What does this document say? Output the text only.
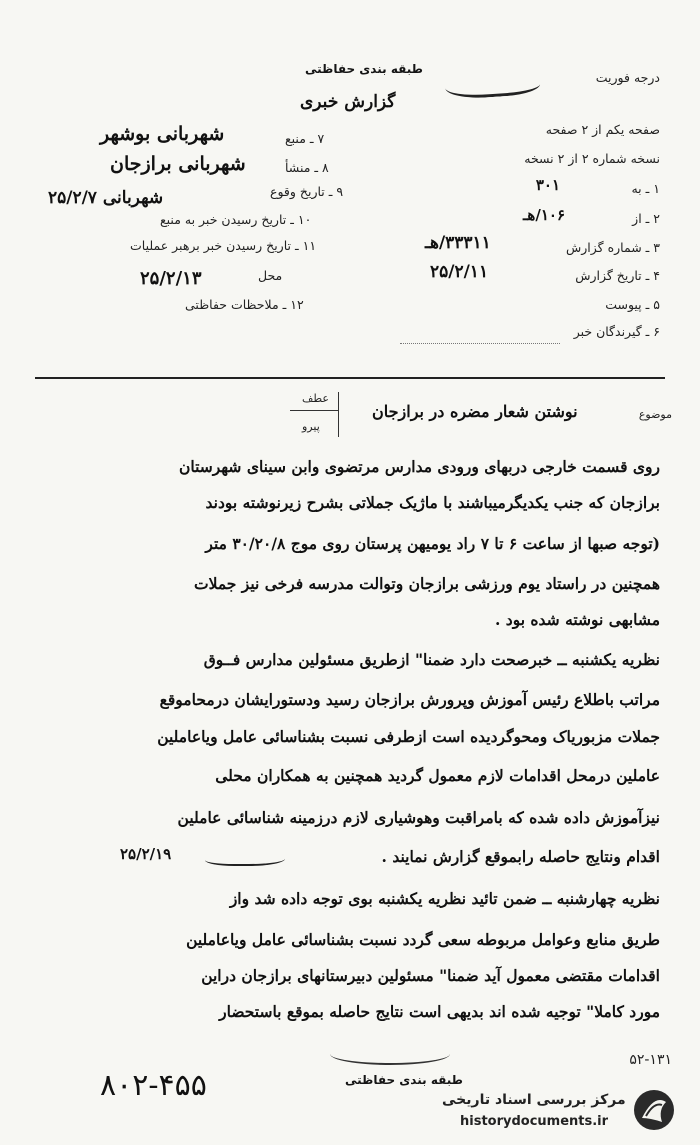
طبقه بندی حفاظتی
گزارش خبری
درجه فوریت
صفحه یکم از ۲ صفحه
نسخه شماره ۲ از ۲ نسخه
۱ ـ به
۳۰۱
۲ ـ از
۱۰۶/هـ
۳ ـ شماره گزارش
۳۳۳۱۱/هـ
۴ ـ تاریخ گزارش
۲۵/۲/۱۱
۵ ـ پیوست
۶ ـ گیرندگان خبر
۷ ـ منبع
شهربانی بوشهر
۸ ـ منشأ
شهربانی برازجان
۹ ـ تاریخ وقوع
شهربانی ۲۵/۲/۷
۱۰ ـ تاریخ رسیدن خبر به منبع
۱۱ ـ تاریخ رسیدن خبر برهبر عملیات
محل
۲۵/۲/۱۳
۱۲ ـ ملاحظات حفاظتی
عطف
پیرو
موضوع
نوشتن شعار مضره در برازجان
روی قسمت خارجی دربهای ورودی مدارس مرتضوی وابن سینای شهرستان
برازجان که جنب یکدیگرمیباشند با ماژیک جملاتی بشرح زیرنوشته بودند
(توجه صبها از ساعت ۶ تا ۷ راد یومیهن پرستان روی موج ۳۰/۲۰/۸ متر
همچنین در راستاد یوم ورزشی برازجان وتوالت مدرسه فرخی نیز جملات
مشابهی نوشته شده بود .
نظریه یکشنبه ــ خبرصحت دارد ضمنا" ازطریق مسئولین مدارس فــوق
مراتب باطلاع رئیس آموزش وپرورش برازجان رسید ودستورایشان درمحاموقع
جملات مزبوریاک ومحوگردیده است ازطرفی نسبت بشناسائی عامل ویاعاملین
عاملین درمحل اقدامات لازم معمول گردید همچنین به همکاران محلی
نیزآموزش داده شده که بامراقبت وهوشیاری لازم درزمینه شناسائی عاملین
اقدام ونتایج حاصله رابموقع گزارش نمایند .
نظریه چهارشنبه ــ ضمن تائید نظریه یکشنبه بوی توجه داده شد واز
طریق منابع وعوامل مربوطه سعی گردد نسبت بشناسائی عامل ویاعاملین
اقدامات مقتضی معمول آید ضمنا" مسئولین دبیرستانهای برازجان دراین
مورد کاملا" توجیه شده اند بدیهی است نتایج حاصله بموقع باستحضار
۲۵/۲/۱۹
طبقه بندی حفاظتی
۵۲-۱۳۱
۸۰۲-۴۵۵	مرکز بررسی اسناد تاریخی
historydocuments.ir
